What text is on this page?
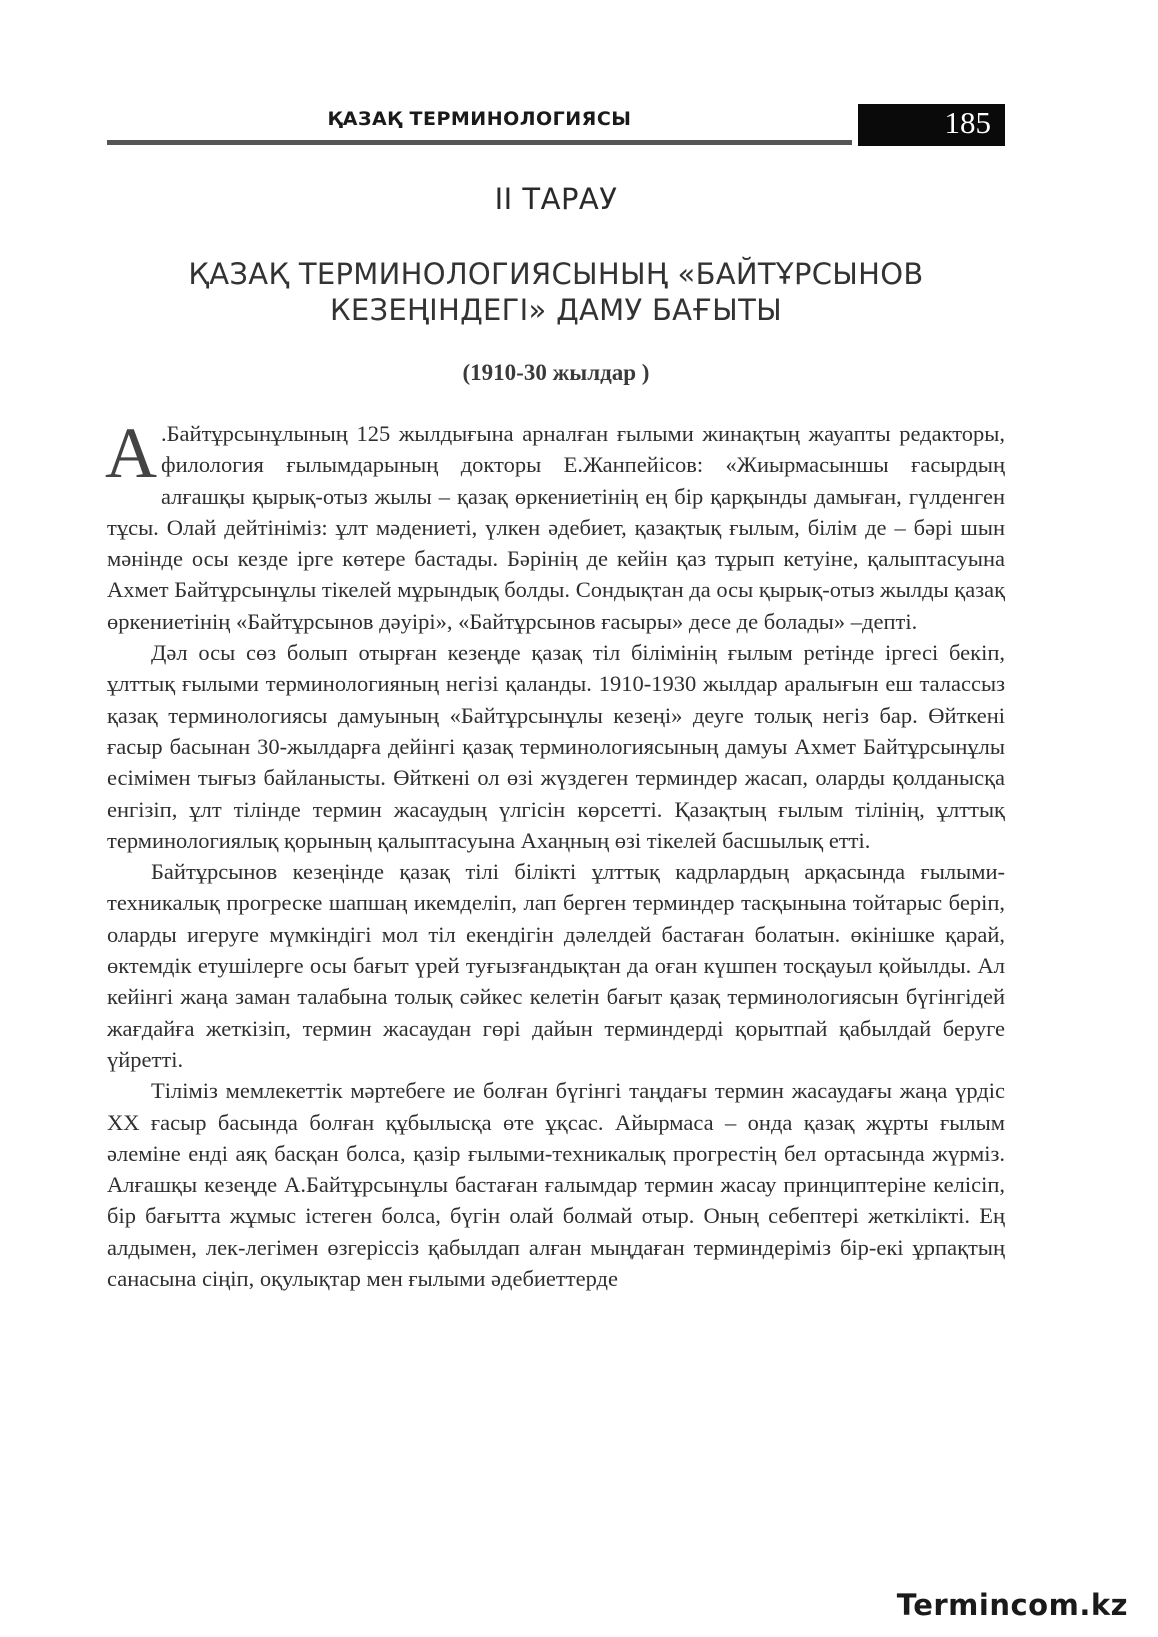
ҚАЗАҚ ТЕРМИНОЛОГИЯСЫ	185
II ТАРАУ
ҚАЗАҚ ТЕРМИНОЛОГИЯСЫНЫҢ «БАЙТҰРСЫНОВ
КЕЗЕҢІНДЕГІ» ДАМУ БАҒЫТЫ
(1910-30 жылдар )

А .Байтұрсынұлының 125 жылдығына арналған ғылыми жинақтың жауапты редакторы, филология ғылымдарының докторы Е.Жанпейісов: «Жиырмасыншы ғасырдың алғашқы қырық-отыз жылы – қазақ өркениетінің ең бір қарқынды дамыған, гүлденген тұсы. Олай дейтініміз: ұлт мәдениеті, үлкен әдебиет, қазақтық ғылым, білім де – бәрі шын мәнінде осы кезде ірге көтере бастады. Бәрінің де кейін қаз тұрып кетуіне, қалыптасуына Ахмет Байтұрсынұлы тікелей мұрындық болды. Сондықтан да осы қырық-отыз жылды қазақ өркениетінің «Байтұрсынов дәуірі», «Байтұрсынов ғасыры» десе де болады» –депті.

Дәл осы сөз болып отырған кезеңде қазақ тіл білімінің ғылым ретінде іргесі бекіп, ұлттық ғылыми терминологияның негізі қаланды. 1910-1930 жылдар аралығын еш талассыз қазақ терминологиясы дамуының «Байтұрсынұлы кезеңі» деуге толық негіз бар. Өйткені ғасыр басынан 30-жылдарға дейінгі қазақ терминологиясының дамуы Ахмет Байтұрсынұлы есімімен тығыз байланысты. Өйткені ол өзі жүздеген терминдер жасап, оларды қолданысқа енгізіп, ұлт тілінде термин жасаудың үлгісін көрсетті. Қазақтың ғылым тілінің, ұлттық терминологиялық қорының қалыптасуына Ахаңның өзі тікелей басшылық етті.

Байтұрсынов кезеңінде қазақ тілі білікті ұлттық кадрлардың арқасында ғылыми-техникалық прогреске шапшаң икемделіп, лап берген терминдер тасқынына тойтарыс беріп, оларды игеруге мүмкіндігі мол тіл екендігін дәлелдей бастаған болатын. өкінішке қарай, өктемдік етушілерге осы бағыт үрей туғызғандықтан да оған күшпен тосқауыл қойылды. Ал кейінгі жаңа заман талабына толық сәйкес келетін бағыт қазақ терминологиясын бүгінгідей жағдайға жеткізіп, термин жасаудан гөрі дайын терминдерді қорытпай қабылдай беруге үйретті.

Тіліміз мемлекеттік мәртебеге ие болған бүгінгі таңдағы термин жасаудағы жаңа үрдіс XX ғасыр басында болған құбылысқа өте ұқсас. Айырмаса – онда қазақ жұрты ғылым әлеміне енді аяқ басқан болса, қазір ғылыми-техникалық прогрестің бел ортасында жүрміз. Алғашқы кезеңде А.Байтұрсынұлы бастаған ғалымдар термин жасау принциптеріне келісіп, бір бағытта жұмыс істеген болса, бүгін олай болмай отыр. Оның себептері жеткілікті. Ең алдымен, лек-легімен өзгеріссіз қабылдап алған мыңдаған терминдеріміз бір-екі ұрпақтың санасына сіңіп, оқулықтар мен ғылыми әдебиеттерде

Termincom.kz
